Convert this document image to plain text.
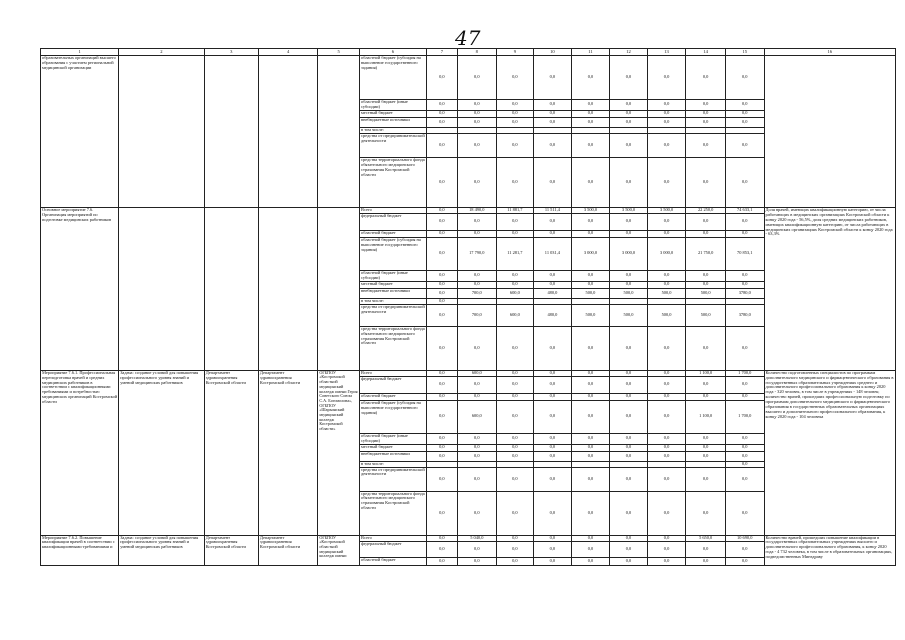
47
1	2	3	4	5	6	7	8	9	10	11	12	13	14	15	16
образовательных организаций высшего образования с участием региональной медицинской организации					областной бюджет (субсидия на выполнение государственного задания)	0,0	0,0	0,0	0,0	0,0	0,0	0,0	0,0	0,0	
					областной бюджет (иные субсидии)	0,0	0,0	0,0	0,0	0,0	0,0	0,0	0,0	0,0	
					местный бюджет	0,0	0,0	0,0	0,0	0,0	0,0	0,0	0,0	0,0	
					внебюджетные источники	0,0	0,0	0,0	0,0	0,0	0,0	0,0	0,0	0,0	
					в том числе:										
					средства от предпринимательской деятельности	0,0	0,0	0,0	0,0	0,0	0,0	0,0	0,0	0,0	
					средства территориального фонда обязательного медицинского страхования Костромской области	0,0	0,0	0,0	0,0	0,0	0,0	0,0	0,0	0,0	
Основное мероприятие 7.6. Организация мероприятий по подготовке медицинских работников					Всего	0,0	18 490,0	11 881,7	11 511,4	3 500,0	3 500,0	3 500,0	22 250,0	74 633,1	Доля врачей, имеющих квалификационную категорию, от числа работающих в медицинских организациях Костромской области к концу 2020 года - 56,5%, доля средних медицинских работников, имеющих квалификационную категорию, от числа работающих в медицинских организациях Костромской области к концу 2020 года - 63,3%
					федеральный бюджет	0,0	0,0	0,0	0,0	0,0	0,0	0,0	0,0	0,0	
					областной бюджет	0,0	0,0	0,0	0,0	0,0	0,0	0,0	0,0	0,0	
					областной бюджет (субсидия на выполнение государственного задания)	0,0	17 790,0	11 281,7	11 031,4	3 000,0	3 000,0	3 000,0	21 750,0	70 853,1	
					областной бюджет (иные субсидии)	0,0	0,0	0,0	0,0	0,0	0,0	0,0	0,0	0,0	
					местный бюджет	0,0	0,0	0,0	0,0	0,0	0,0	0,0	0,0	0,0	
					внебюджетные источники	0,0	700,0	600,0	480,0	500,0	500,0	500,0	500,0	3780,0	
					в том числе:	0,0									
					средства от предпринимательской деятельности	0,0	700,0	600,0	480,0	500,0	500,0	500,0	500,0	3780,0	
					средства территориального фонда обязательного медицинского страхования Костромской области	0,0	0,0	0,0	0,0	0,0	0,0	0,0	0,0	0,0	
Мероприятие 7.6.1. Профессиональная переподготовка врачей и средних медицинских работников в соответствии с квалификационными требованиями и потребностью медицинских организаций Костромской области	Задача: создание условий для повышения профессионального уровня знаний и умений медицинских работников	Департамент здравоохранения Костромской области	Департамент здравоохранения Костромской области	ОГБПОУ «Костромской областной медицинский колледж имени Героя Советского Союза С.А. Богомолова», ОГБПОУ «Шарьинский медицинский колледж Костромской области»	Всего	0,0	600,0	0,0	0,0	0,0	0,0	0,0	1 100,0	1 700,0	Количество подготовленных специалистов по программам дополнительного медицинского и фармацевтического образования в государственных образовательных учреждениях среднего и дополнительного профессионального образования к концу 2020 года - 320 человек, в том числе в учреждениях - 148 человек; количество врачей, прошедших профессиональную подготовку по программам дополнительного медицинского и фармацевтического образования в государственных образовательных организациях высшего и дополнительного профессионального образования, к концу 2020 года - 104 человека
					федеральный бюджет	0,0	0,0	0,0	0,0	0,0	0,0	0,0	0,0	0,0	
					областной бюджет	0,0	0,0	0,0	0,0	0,0	0,0	0,0	0,0	0,0	
					областной бюджет (субсидия на выполнение государственного задания)	0,0	600,0	0,0	0,0	0,0	0,0	0,0	1 100,0	1 700,0	
					областной бюджет (иные субсидии)	0,0	0,0	0,0	0,0	0,0	0,0	0,0	0,0	0,0	
					местный бюджет	0,0	0,0	0,0	0,0	0,0	0,0	0,0	0,0	0,0	
					внебюджетные источники	0,0	0,0	0,0	0,0	0,0	0,0	0,0	0,0	0,0	
					в том числе:									0,0	
					средства от предпринимательской деятельности	0,0	0,0	0,0	0,0	0,0	0,0	0,0	0,0	0,0	
					средства территориального фонда обязательного медицинского страхования Костромской области	0,0	0,0	0,0	0,0	0,0	0,0	0,0	0,0	0,0	
Мероприятие 7.6.2. Повышение квалификации врачей в соответствии с квалификационными требованиями и	Задача: создание условий для повышения профессионального уровня знаний и умений медицинских работников	Департамент здравоохранения Костромской области	Департамент здравоохранения Костромской области	ОГБПОУ «Костромской областной медицинский колледж имени	Всего	0,0	5 040,0	0,0	0,0	0,0	0,0	0,0	5 650,0	10 690,0	Количество врачей, прошедших повышение квалификации в государственных образовательных учреждениях высшего и дополнительного профессионального образования, к концу 2020 года - 4 732 человека, в том числе в образовательных организациях, подведомственных Минздраву
					федеральный бюджет	0,0	0,0	0,0	0,0	0,0	0,0	0,0	0,0	0,0	
					областной бюджет	0,0	0,0	0,0	0,0	0,0	0,0	0,0	0,0	0,0	
